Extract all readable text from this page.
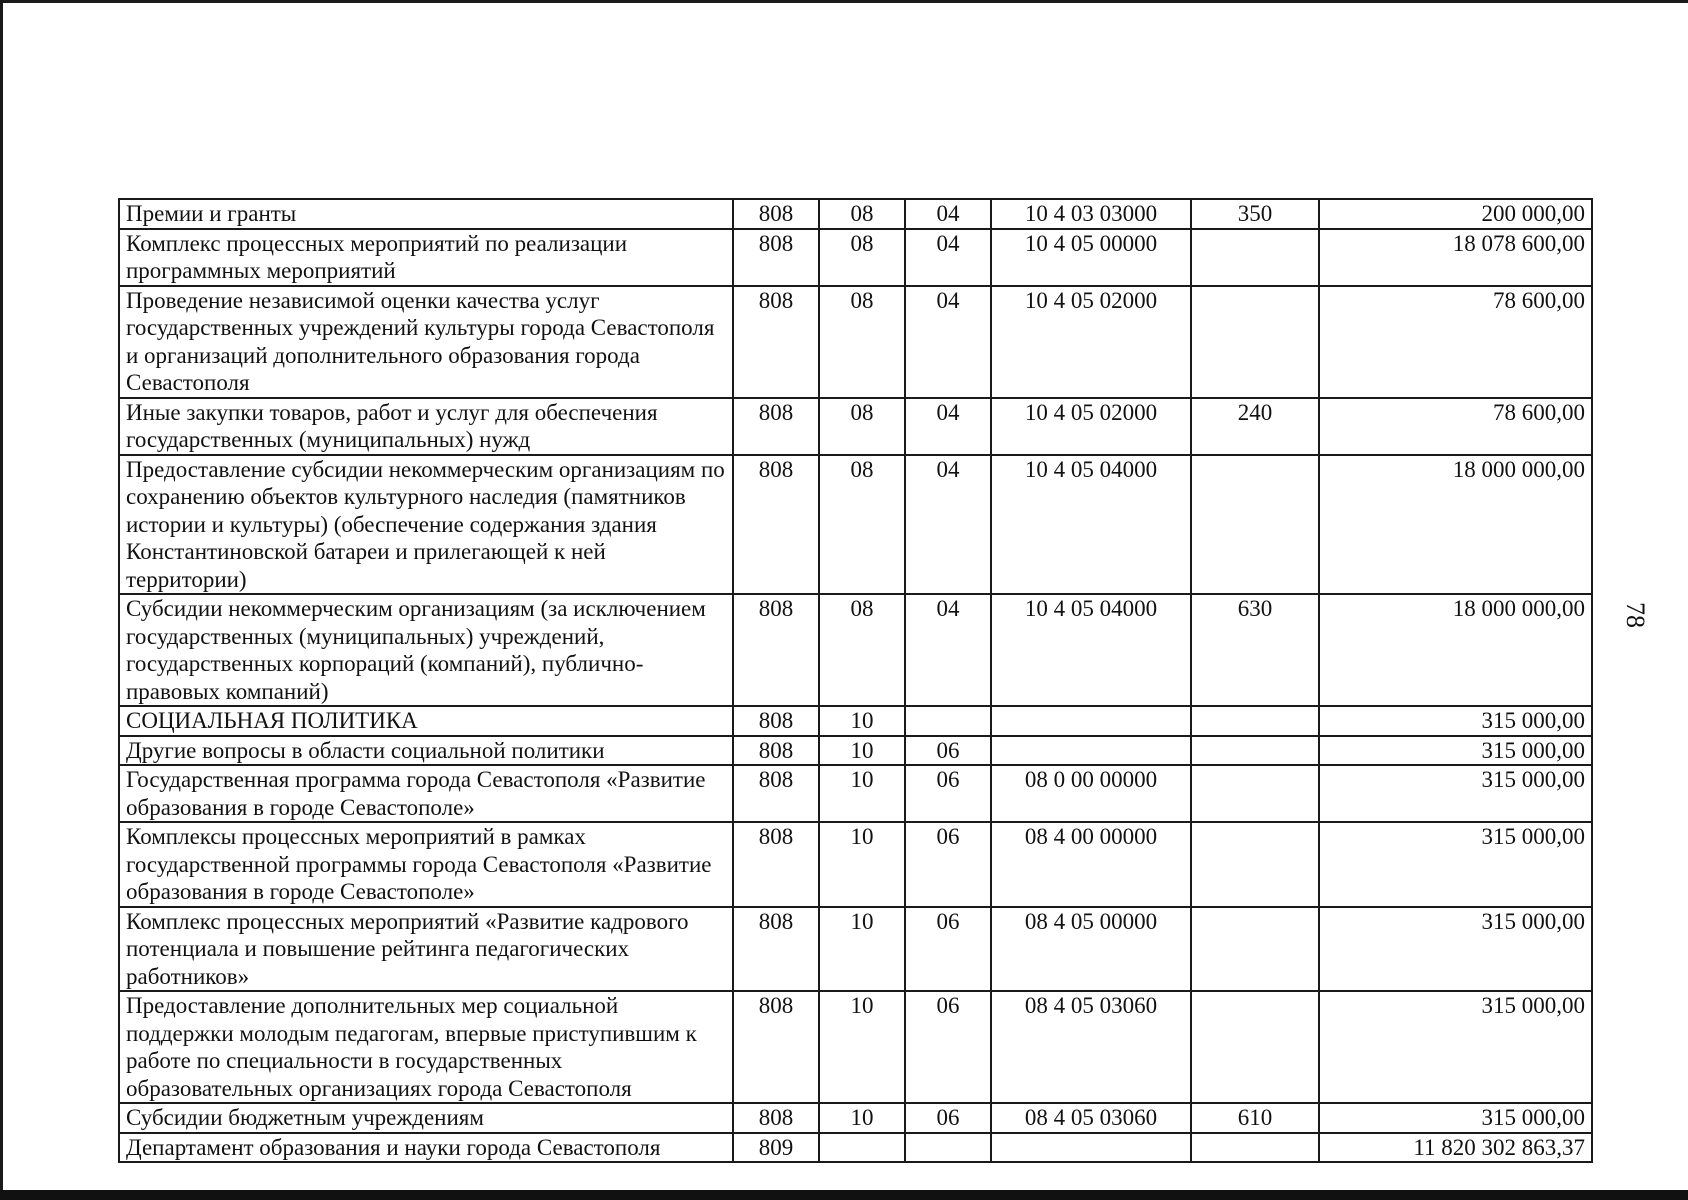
Премии и гранты	808	08	04	10 4 03 03000	350	200 000,00
Комплекс процессных мероприятий по реализации программных мероприятий	808	08	04	10 4 05 00000		18 078 600,00
Проведение независимой оценки качества услуг государственных учреждений культуры города Севастополя и организаций дополнительного образования города Севастополя	808	08	04	10 4 05 02000		78 600,00
Иные закупки товаров, работ и услуг для обеспечения государственных (муниципальных) нужд	808	08	04	10 4 05 02000	240	78 600,00
Предоставление субсидии некоммерческим организациям по сохранению объектов культурного наследия (памятников истории и культуры) (обеспечение содержания здания Константиновской батареи и прилегающей к ней территории)	808	08	04	10 4 05 04000		18 000 000,00
Субсидии некоммерческим организациям (за исключением государственных (муниципальных) учреждений, государственных корпораций (компаний), публично-правовых компаний)	808	08	04	10 4 05 04000	630	18 000 000,00
СОЦИАЛЬНАЯ ПОЛИТИКА	808	10				315 000,00
Другие вопросы в области социальной политики	808	10	06			315 000,00
Государственная программа города Севастополя «Развитие образования в городе Севастополе»	808	10	06	08 0 00 00000		315 000,00
Комплексы процессных мероприятий в рамках государственной программы города Севастополя «Развитие образования в городе Севастополе»	808	10	06	08 4 00 00000		315 000,00
Комплекс процессных мероприятий «Развитие кадрового потенциала и повышение рейтинга педагогических работников»	808	10	06	08 4 05 00000		315 000,00
Предоставление дополнительных мер социальной поддержки молодым педагогам, впервые приступившим к работе по специальности в государственных образовательных организациях города Севастополя	808	10	06	08 4 05 03060		315 000,00
Субсидии бюджетным учреждениям	808	10	06	08 4 05 03060	610	315 000,00
Департамент образования и науки города Севастополя	809					11 820 302 863,37
78
